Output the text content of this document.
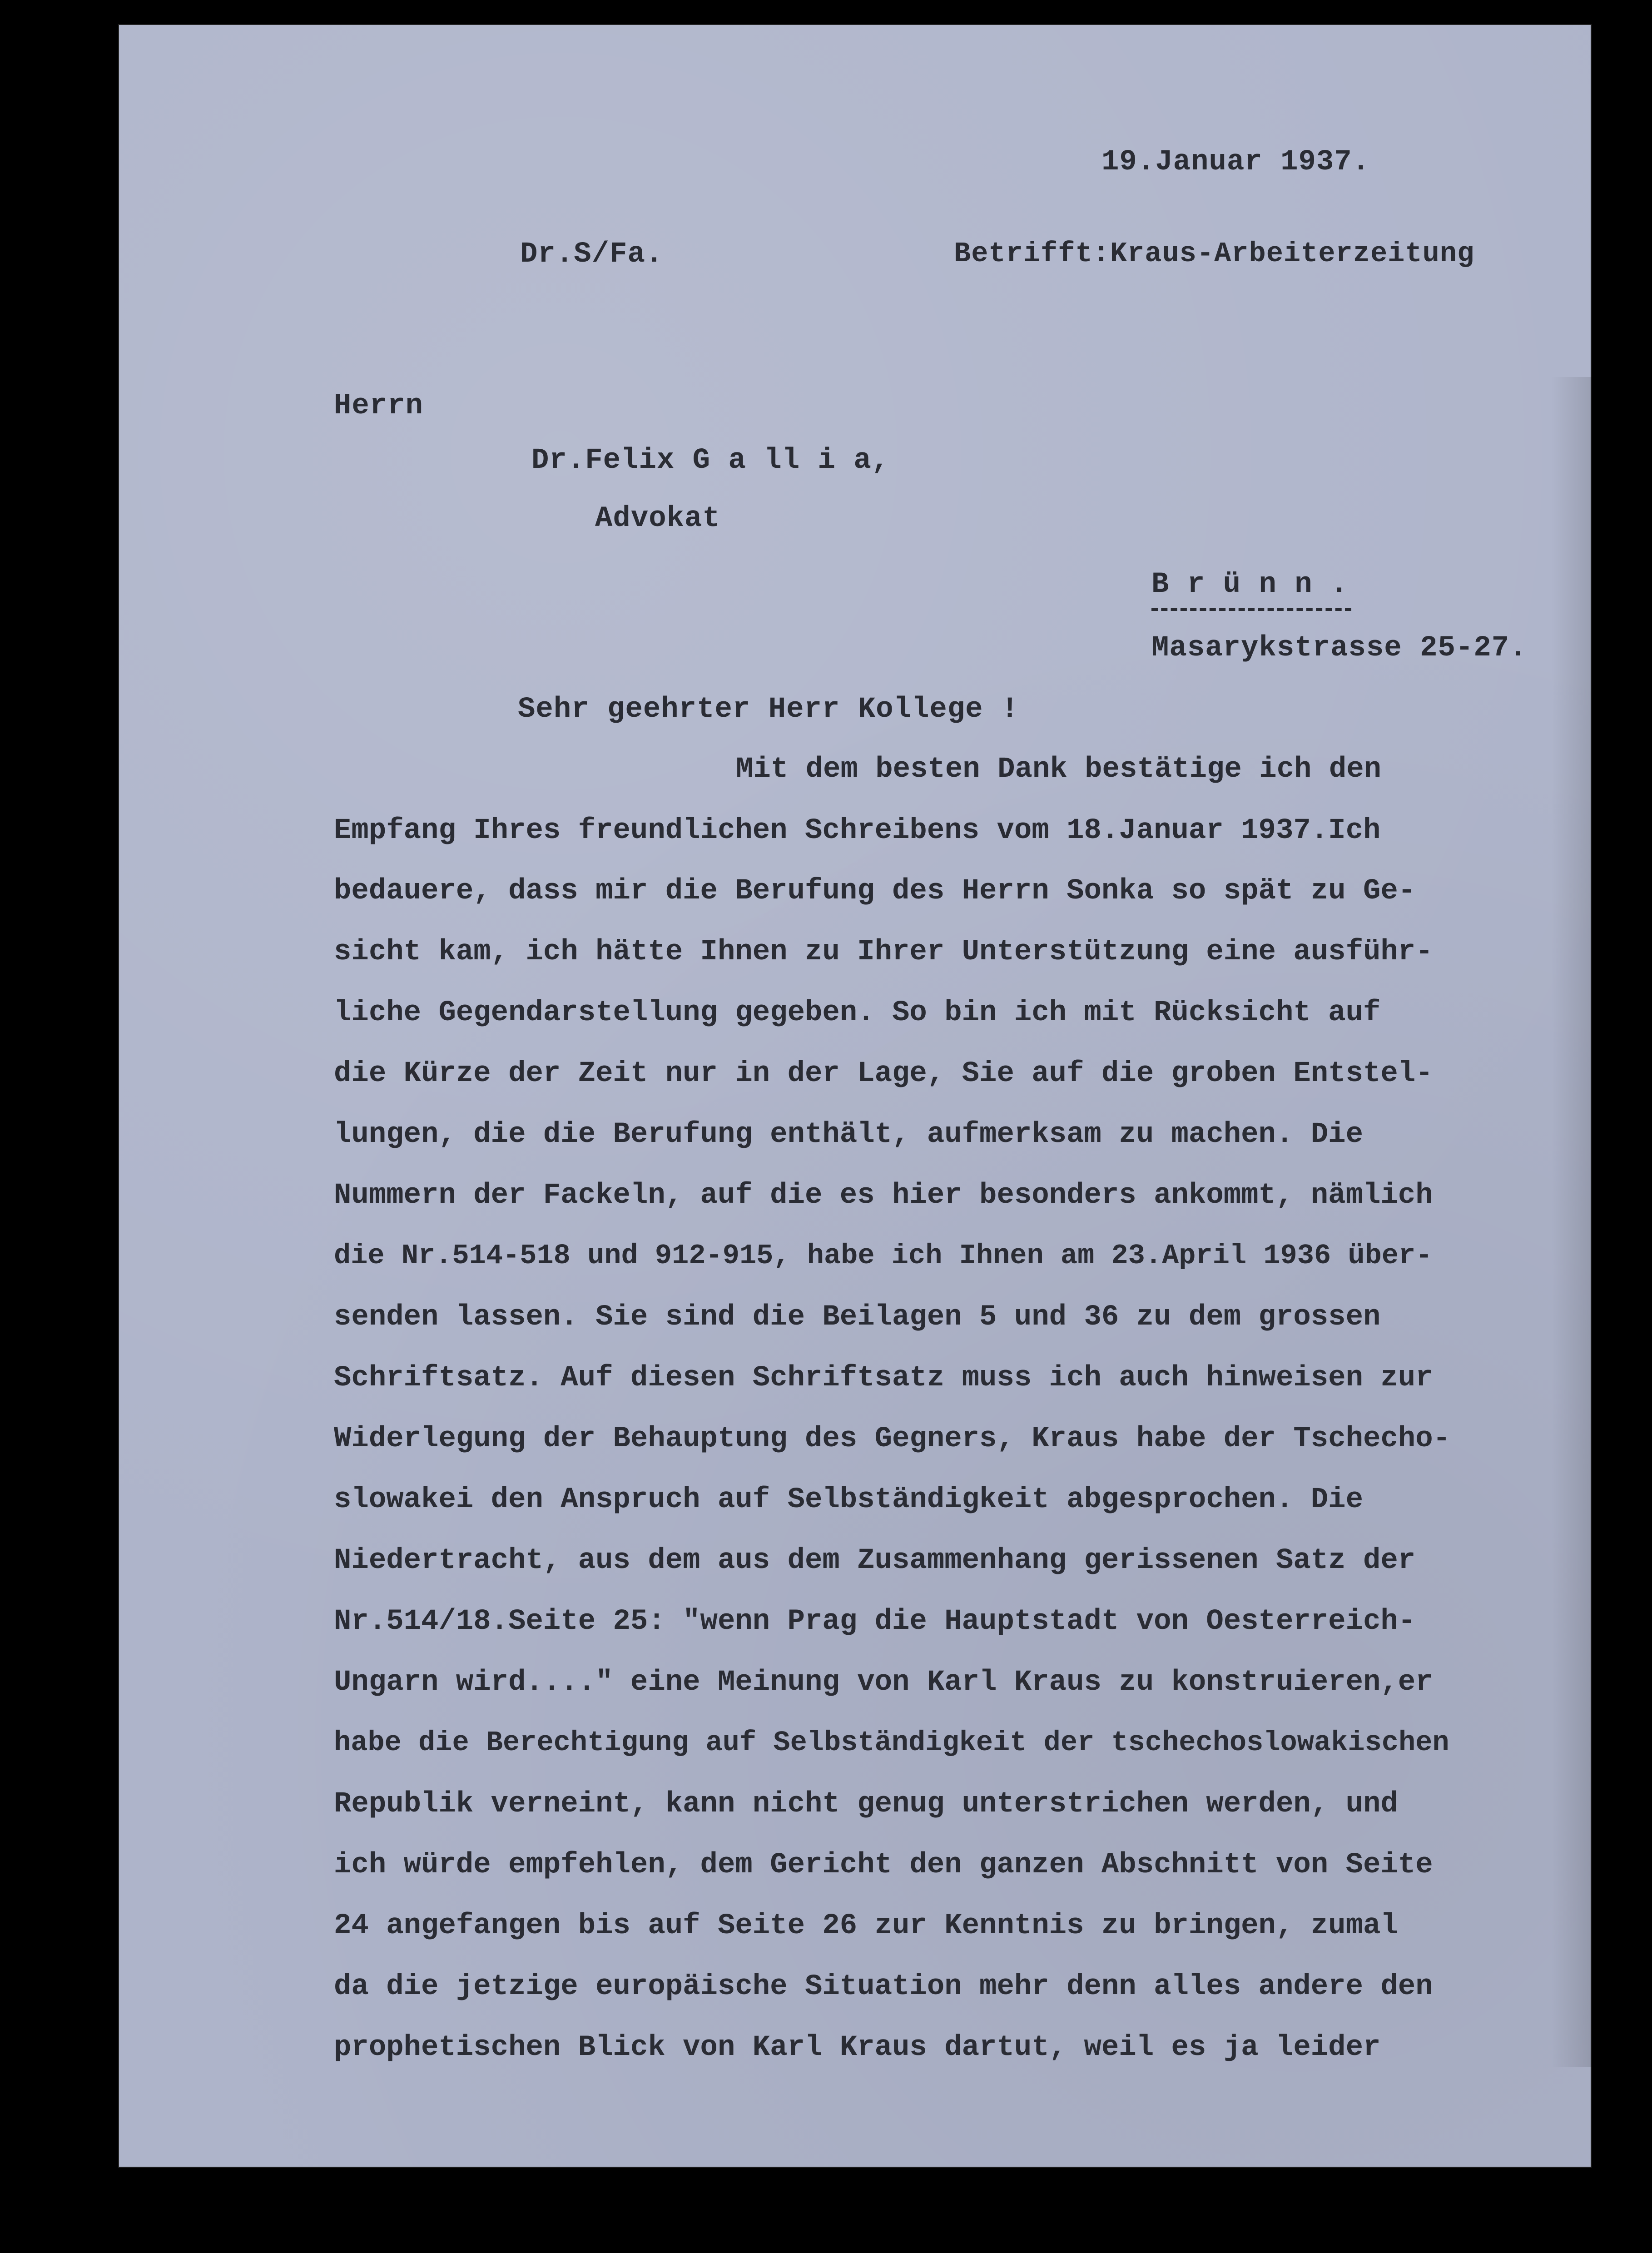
19.Januar 1937.
Dr.S/Fa.	Betrifft:Kraus-Arbeiterzeitung
Herrn
Dr.Felix G a ll i a,
Advokat
B r ü n n .
Masarykstrasse 25-27.
Sehr geehrter Herr Kollege !
Mit dem besten Dank bestätige ich den
Empfang Ihres freundlichen Schreibens vom 18.Januar 1937.Ich
bedauere, dass mir die Berufung des Herrn Sonka so spät zu Ge-
sicht kam, ich hätte Ihnen zu Ihrer Unterstützung eine ausführ-
liche Gegendarstellung gegeben. So bin ich mit Rücksicht auf
die Kürze der Zeit nur in der Lage, Sie auf die groben Entstel-
lungen, die die Berufung enthält, aufmerksam zu machen. Die
Nummern der Fackeln, auf die es hier besonders ankommt, nämlich
die Nr.514-518 und 912-915, habe ich Ihnen am 23.April 1936 über-
senden lassen. Sie sind die Beilagen 5 und 36 zu dem grossen
Schriftsatz. Auf diesen Schriftsatz muss ich auch hinweisen zur
Widerlegung der Behauptung des Gegners, Kraus habe der Tschecho-
slowakei den Anspruch auf Selbständigkeit abgesprochen. Die
Niedertracht, aus dem aus dem Zusammenhang gerissenen Satz der
Nr.514/18.Seite 25: "wenn Prag die Hauptstadt von Oesterreich-
Ungarn wird...." eine Meinung von Karl Kraus zu konstruieren,er
habe die Berechtigung auf Selbständigkeit der tschechoslowakischen
Republik verneint, kann nicht genug unterstrichen werden, und
ich würde empfehlen, dem Gericht den ganzen Abschnitt von Seite
24 angefangen bis auf Seite 26 zur Kenntnis zu bringen, zumal
da die jetzige europäische Situation mehr denn alles andere den
prophetischen Blick von Karl Kraus dartut, weil es ja leider
